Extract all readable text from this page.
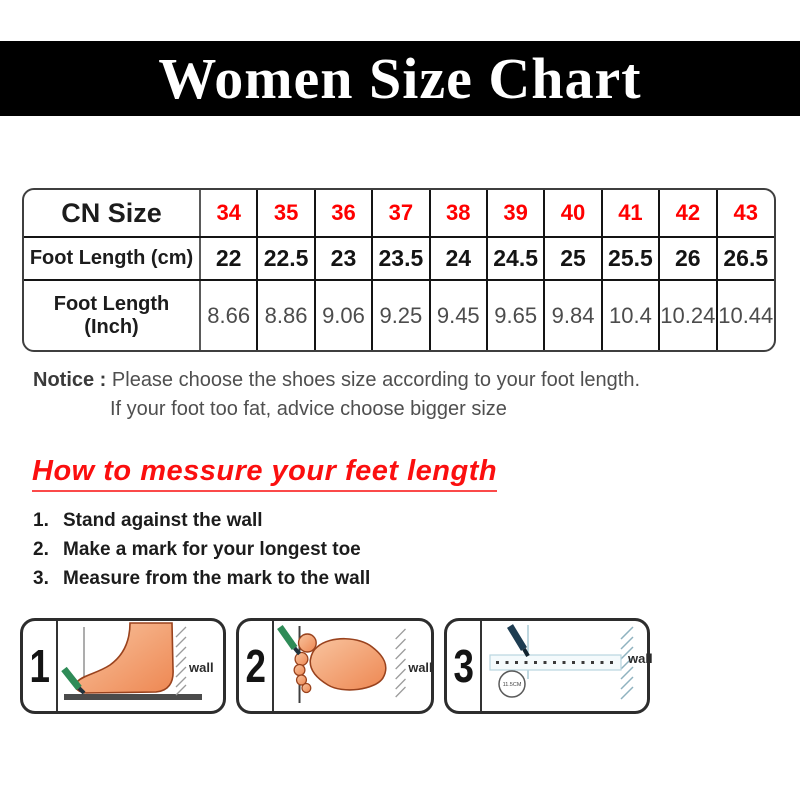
Women Size Chart
CN Size	34	35	36	37	38	39	40	41	42	43
Foot Length (cm)	22	22.5	23	23.5	24	24.5	25	25.5	26	26.5
Foot Length (Inch)	8.66	8.86	9.06	9.25	9.45	9.65	9.84	10.4	10.24	10.44
Notice : Please choose the shoes size according to your foot length.
If your foot too fat, advice choose bigger size
How to messure your feet length
1. Stand against the wall
2. Make a mark for your longest toe
3. Measure from the mark to the wall
1	wall 2	wall 3	11.5CM
wall
